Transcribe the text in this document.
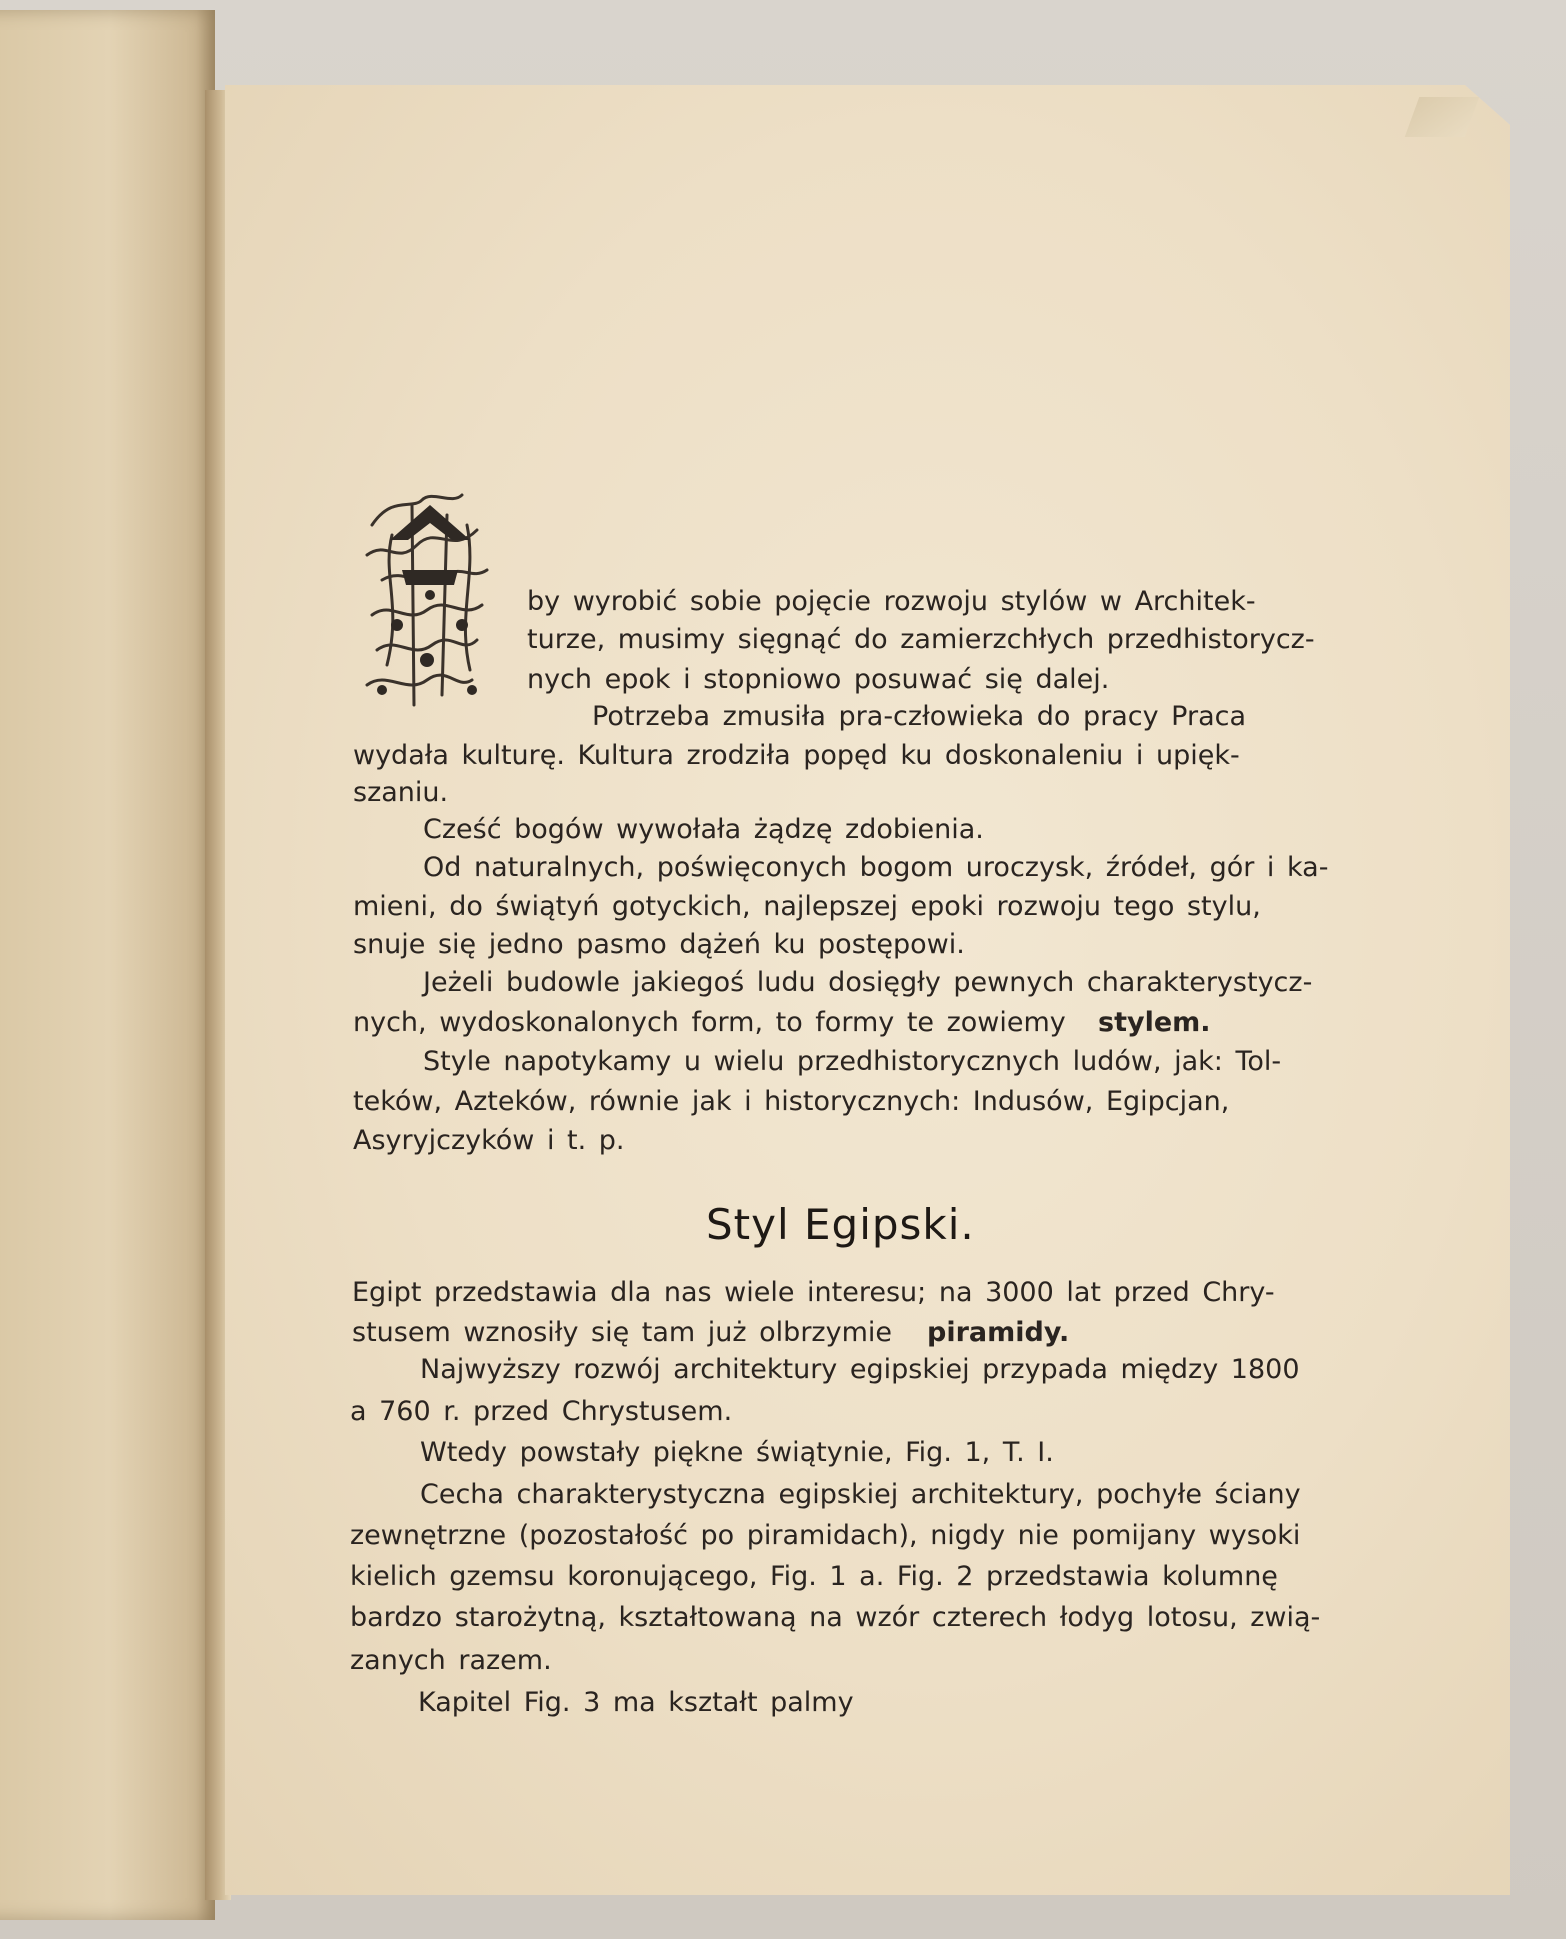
by wyrobić sobie pojęcie rozwoju stylów w Architek-
turze, musimy sięgnąć do zamierzchłych przedhistorycz-
nych epok i stopniowo posuwać się dalej.
Potrzeba zmusiła pra-człowieka do pracy Praca
wydała kulturę. Kultura zrodziła popęd ku doskonaleniu i upięk-
szaniu.
Cześć bogów wywołała żądzę zdobienia.
Od naturalnych, poświęconych bogom uroczysk, źródeł, gór i ka-
mieni, do świątyń gotyckich, najlepszej epoki rozwoju tego stylu,
snuje się jedno pasmo dążeń ku postępowi.
Jeżeli budowle jakiegoś ludu dosięgły pewnych charakterystycz-
nych, wydoskonalonych form, to formy te zowiemy
Style napotykamy u wielu przedhistorycznych ludów, jak: Tol-
teków, Azteków, równie jak i historycznych: Indusów, Egipcjan,
Asyryjczyków i t. p.
stylem.
Styl Egipski.
Egipt przedstawia dla nas wiele interesu; na 3000 lat przed Chry-
stusem wznosiły się tam już olbrzymie
Najwyższy rozwój architektury egipskiej przypada między 1800
a 760 r. przed Chrystusem.
Wtedy powstały piękne świątynie, Fig. 1, T. I.
Cecha charakterystyczna egipskiej architektury, pochyłe ściany
zewnętrzne (pozostałość po piramidach), nigdy nie pomijany wysoki
kielich gzemsu koronującego, Fig. 1 a. Fig. 2 przedstawia kolumnę
bardzo starożytną, kształtowaną na wzór czterech łodyg lotosu, zwią-
zanych razem.
Kapitel Fig. 3 ma kształt palmy
piramidy.
